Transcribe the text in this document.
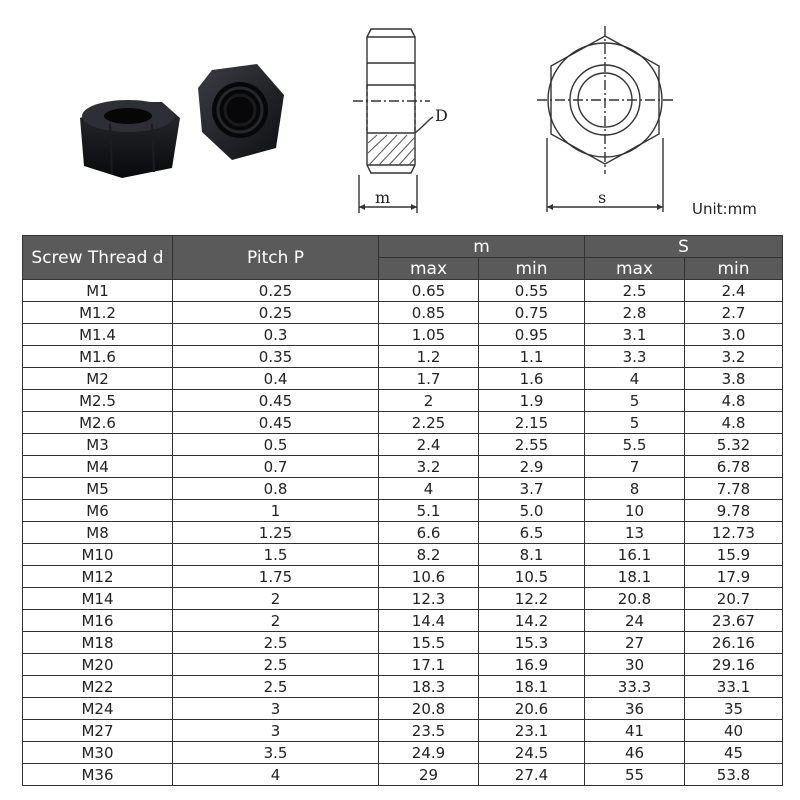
D
m	s
Unit:mm
Screw Thread d	Pitch P	m		S	
		max	min	max	min
M1	0.25	0.65	0.55	2.5	2.4
M1.2	0.25	0.85	0.75	2.8	2.7
M1.4	0.3	1.05	0.95	3.1	3.0
M1.6	0.35	1.2	1.1	3.3	3.2
M2	0.4	1.7	1.6	4	3.8
M2.5	0.45	2	1.9	5	4.8
M2.6	0.45	2.25	2.15	5	4.8
M3	0.5	2.4	2.55	5.5	5.32
M4	0.7	3.2	2.9	7	6.78
M5	0.8	4	3.7	8	7.78
M6	1	5.1	5.0	10	9.78
M8	1.25	6.6	6.5	13	12.73
M10	1.5	8.2	8.1	16.1	15.9
M12	1.75	10.6	10.5	18.1	17.9
M14	2	12.3	12.2	20.8	20.7
M16	2	14.4	14.2	24	23.67
M18	2.5	15.5	15.3	27	26.16
M20	2.5	17.1	16.9	30	29.16
M22	2.5	18.3	18.1	33.3	33.1
M24	3	20.8	20.6	36	35
M27	3	23.5	23.1	41	40
M30	3.5	24.9	24.5	46	45
M36	4	29	27.4	55	53.8
